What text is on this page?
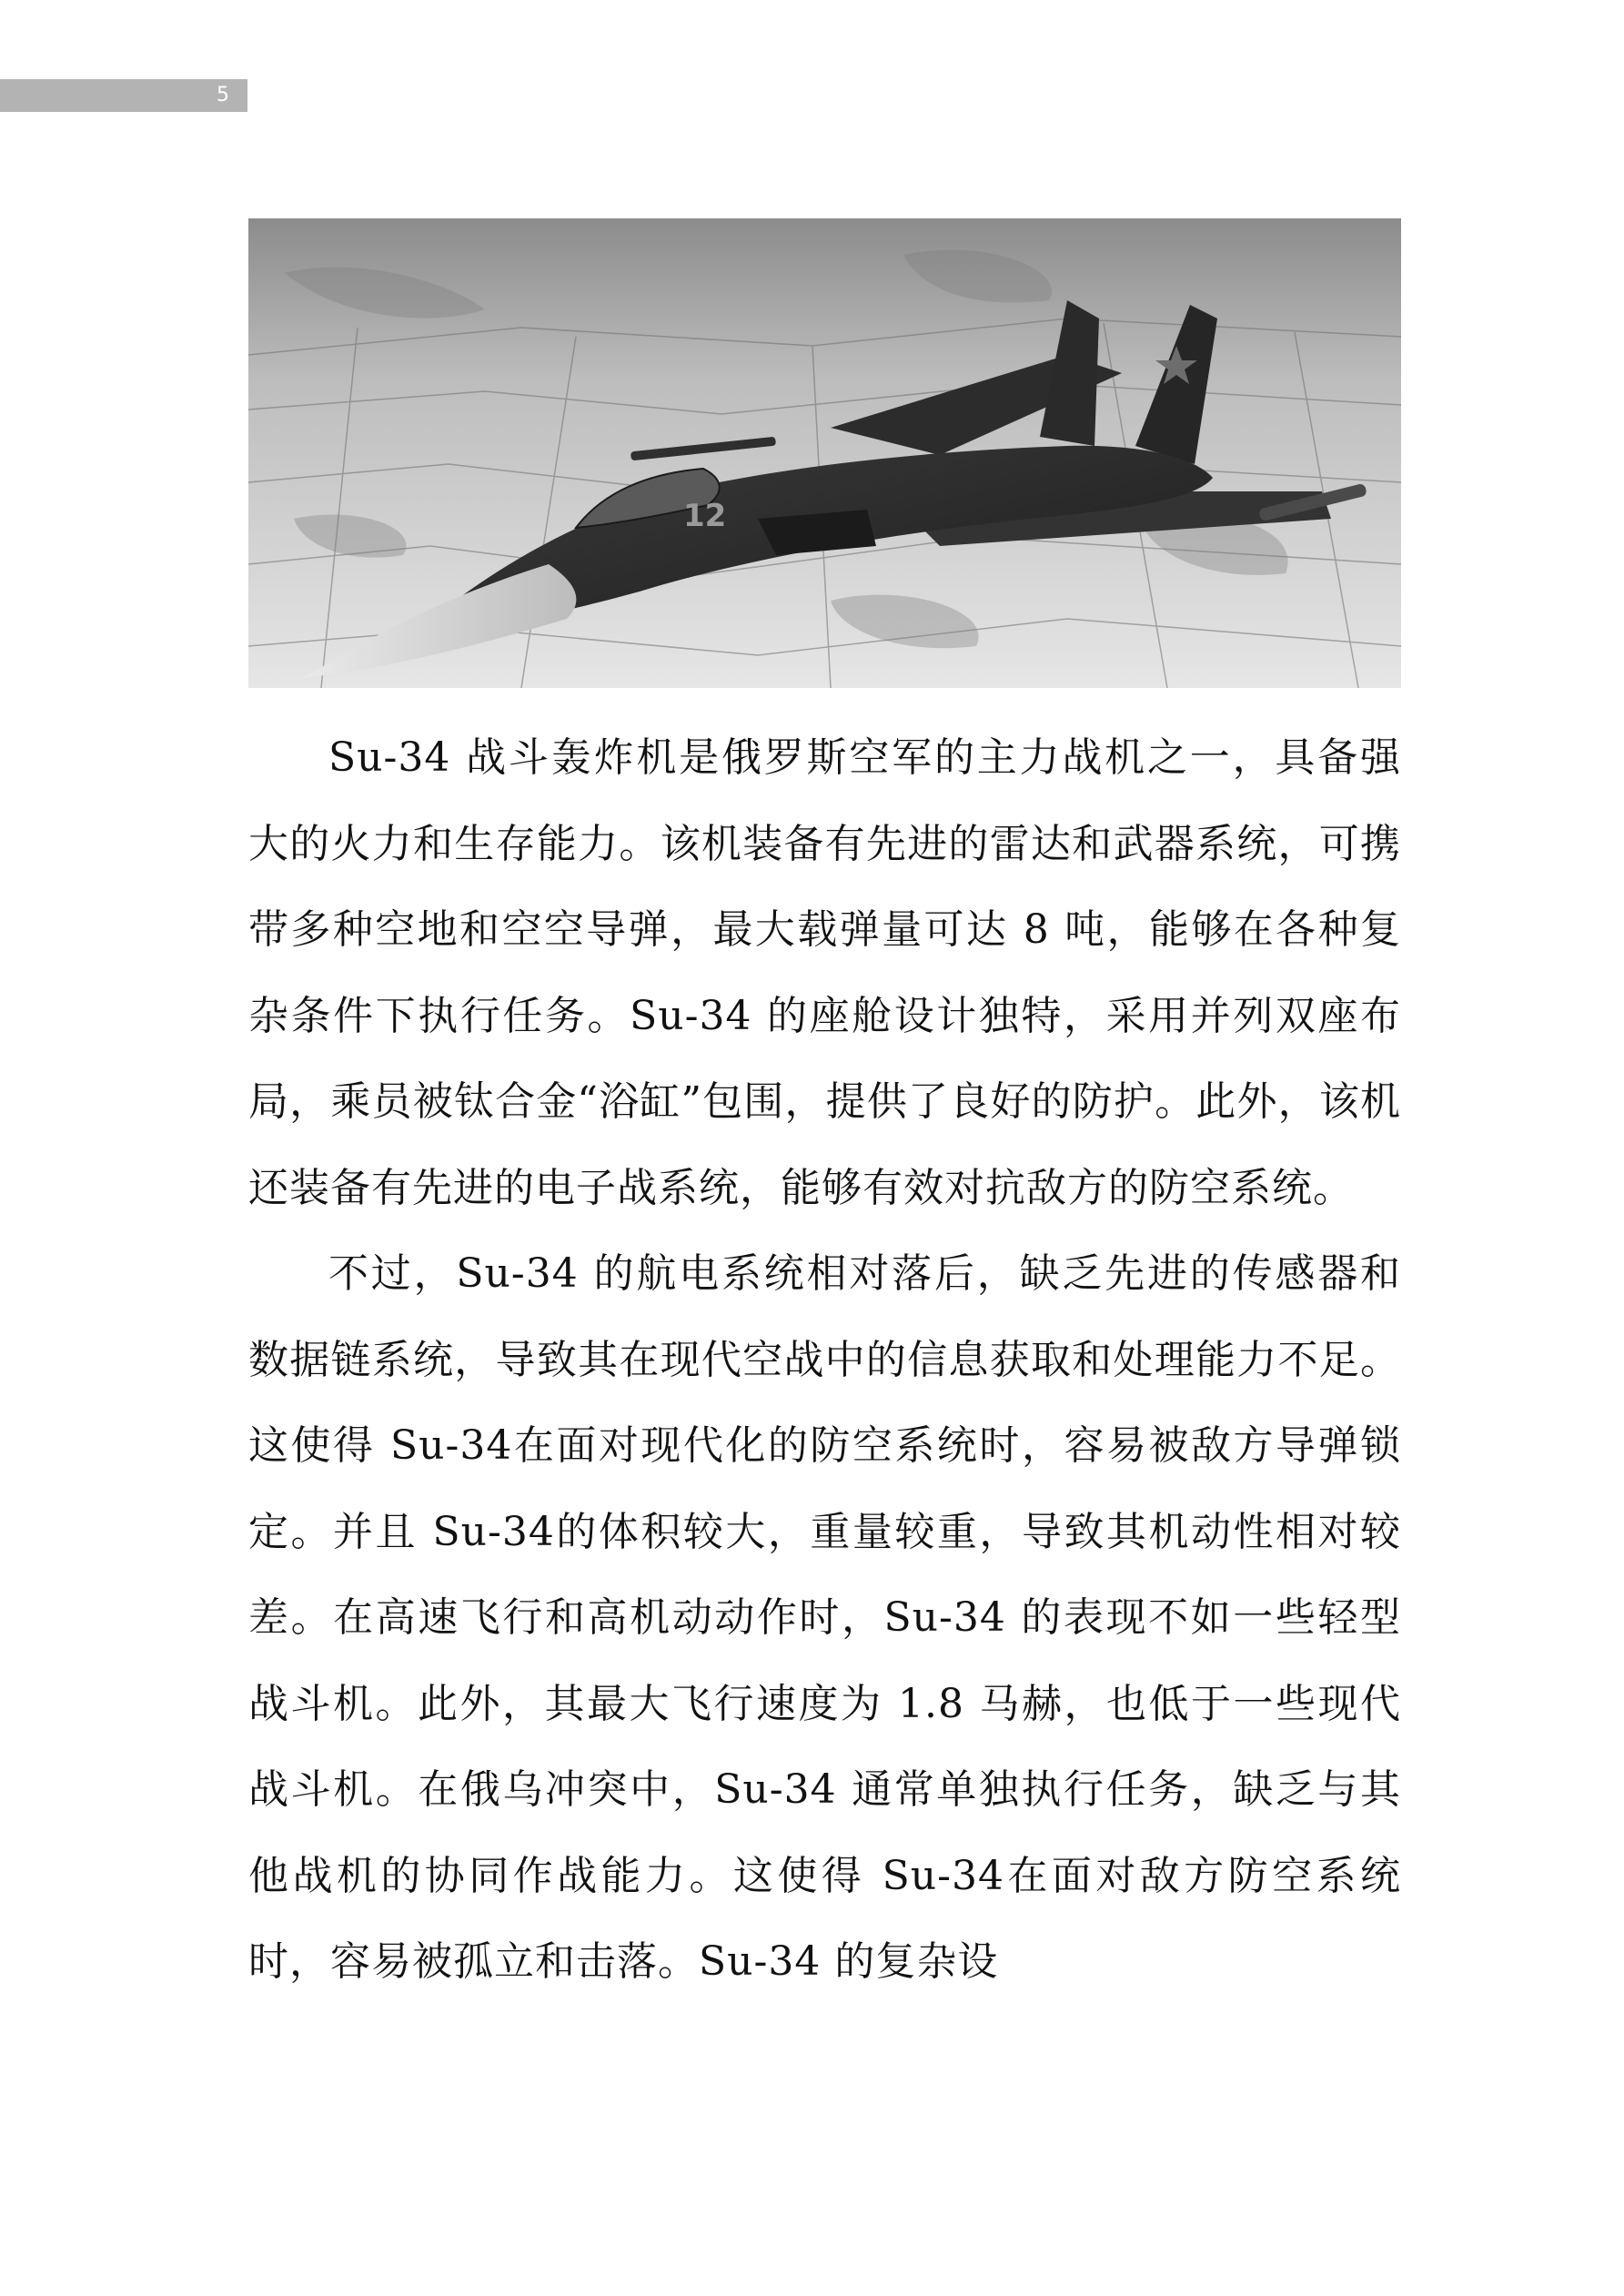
5
12

Su-34 战斗轰炸机是俄罗斯空军的主力战机之一，具备强大的火力和生存能力。该机装备有先进的雷达和武器系统，可携带多种空地和空空导弹，最大载弹量可达 8 吨，能够在各种复杂条件下执行任务。Su-34 的座舱设计独特，采用并列双座布局，乘员被钛合金“浴缸”包围，提供了良好的防护。此外，该机还装备有先进的电子战系统，能够有效对抗敌方的防空系统。

不过，Su-34 的航电系统相对落后，缺乏先进的传感器和数据链系统，导致其在现代空战中的信息获取和处理能力不足。这使得 Su-34在面对现代化的防空系统时，容易被敌方导弹锁定。并且 Su-34的体积较大，重量较重，导致其机动性相对较差。在高速飞行和高机动动作时，Su-34 的表现不如一些轻型战斗机。此外，其最大飞行速度为 1.8 马赫，也低于一些现代战斗机。在俄乌冲突中，Su-34 通常单独执行任务，缺乏与其他战机的协同作战能力。这使得 Su-34在面对敌方防空系统时，容易被孤立和击落。Su-34 的复杂设
